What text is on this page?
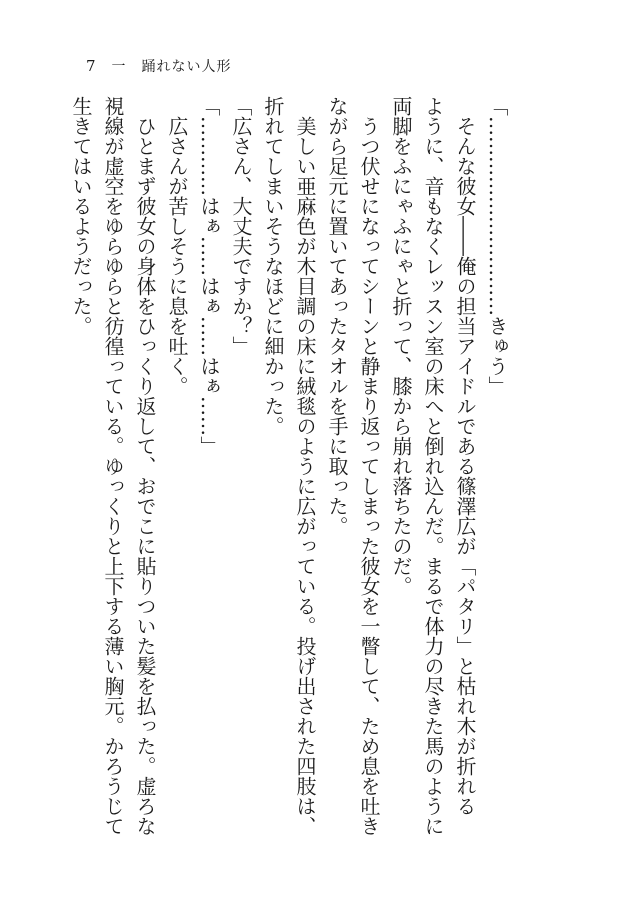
7 一 踊れない人形

「…………………………きゅう」

　そんな彼女――俺の担当アイドルである篠澤広が「パタリ」と枯れ木が折れる

ように、音もなくレッスン室の床へと倒れ込んだ。まるで体力の尽きた馬のように

両脚をふにゃふにゃと折って、膝から崩れ落ちたのだ。

　うつ伏せになってシーンと静まり返ってしまった彼女を一瞥して、ため息を吐き

ながら足元に置いてあったタオルを手に取った。

　美しい亜麻色が木目調の床に絨毯のように広がっている。投げ出された四肢は、

折れてしまいそうなほどに細かった。

「広さん、大丈夫ですか？」

「…………はぁ……はぁ……はぁ……」

　広さんが苦しそうに息を吐く。

　ひとまず彼女の身体をひっくり返して、おでこに貼りついた髪を払った。虚ろな

視線が虚空をゆらゆらと彷徨っている。ゆっくりと上下する薄い胸元。かろうじて

生きてはいるようだった。
